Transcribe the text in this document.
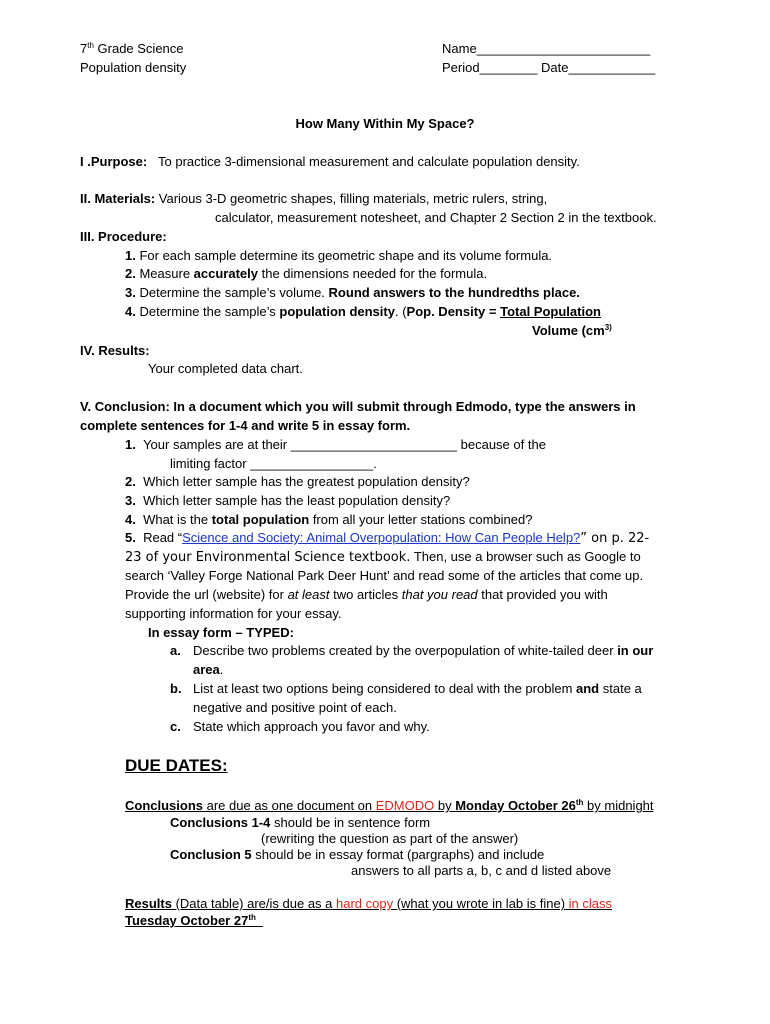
7th Grade Science
Population density
Name________________________
Period________ Date____________
How Many Within My Space?
I .Purpose: To practice 3-dimensional measurement and calculate population density.
II. Materials: Various 3-D geometric shapes, filling materials, metric rulers, string,
calculator, measurement notesheet, and Chapter 2 Section 2 in the textbook.
III. Procedure:
1. For each sample determine its geometric shape and its volume formula.
2. Measure accurately the dimensions needed for the formula.
3. Determine the sample’s volume. Round answers to the hundredths place.
4. Determine the sample’s population density. (Pop. Density = Total Population
Volume ($cm^{3)}$
IV. Results:
Your completed data chart.
V. Conclusion: In a document which you will submit through Edmodo, type the answers in
complete sentences for 1-4 and write 5 in essay form.
1. Your samples are at their _______________________ because of the
limiting factor _________________.
2. Which letter sample has the greatest population density?
3. Which letter sample has the least population density?
4. What is the total population from all your letter stations combined?
5. Read “Science and Society: Animal Overpopulation: How Can People Help?” on p. 22-
23 of your Environmental Science textbook. Then, use a browser such as Google to
search ‘Valley Forge National Park Deer Hunt’ and read some of the articles that come up.
Provide the url (website) for at least two articles that you read that provided you with
supporting information for your essay.
In essay form – TYPED:
a. Describe two problems created by the overpopulation of white-tailed deer in our
area.
b. List at least two options being considered to deal with the problem and state a
negative and positive point of each.
c. State which approach you favor and why.
DUE DATES:
Conclusions are due as one document on EDMODO by Monday October 26th by midnight
Conclusions 1-4 should be in sentence form
(rewriting the question as part of the answer)
Conclusion 5 should be in essay format (pargraphs) and include
answers to all parts a, b, c and d listed above
Results (Data table) are/is due as a hard copy (what you wrote in lab is fine) in class
Tuesday October 27th
